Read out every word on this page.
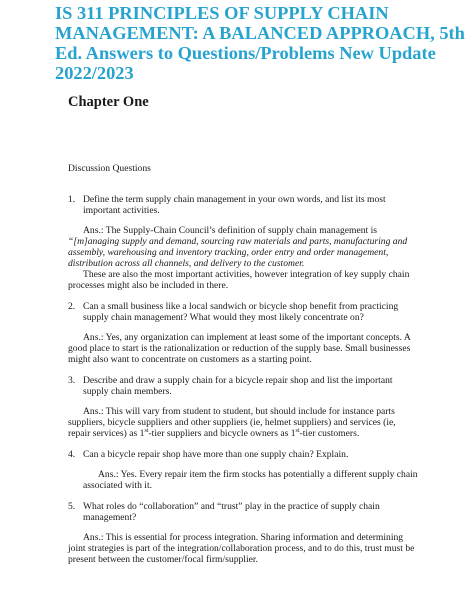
IS 311 PRINCIPLES OF SUPPLY CHAIN MANAGEMENT: A BALANCED APPROACH, 5th Ed. Answers to Questions/Problems New Update 2022/2023
Chapter One

Discussion Questions

1. Define the term supply chain management in your own words, and list its most important activities.

Ans.: The Supply-Chain Council’s definition of supply chain management is
“[m]anaging supply and demand, sourcing raw materials and parts, manufacturing and assembly, warehousing and inventory tracking, order entry and order management, distribution across all channels, and delivery to the customer.
These are also the most important activities, however integration of key supply chain processes might also be included in there.

2. Can a small business like a local sandwich or bicycle shop benefit from practicing supply chain management? What would they most likely concentrate on?

Ans.: Yes, any organization can implement at least some of the important concepts. A good place to start is the rationalization or reduction of the supply base. Small businesses might also want to concentrate on customers as a starting point.

3. Describe and draw a supply chain for a bicycle repair shop and list the important supply chain members.

Ans.: This will vary from student to student, but should include for instance parts suppliers, bicycle suppliers and other suppliers (ie, helmet suppliers) and services (ie, repair services) as 1st-tier suppliers and bicycle owners as 1st-tier customers.

4. Can a bicycle repair shop have more than one supply chain? Explain.

Ans.: Yes. Every repair item the firm stocks has potentially a different supply chain associated with it.

5. What roles do “collaboration” and “trust” play in the practice of supply chain management?

Ans.: This is essential for process integration. Sharing information and determining joint strategies is part of the integration/collaboration process, and to do this, trust must be present between the customer/focal firm/supplier.
